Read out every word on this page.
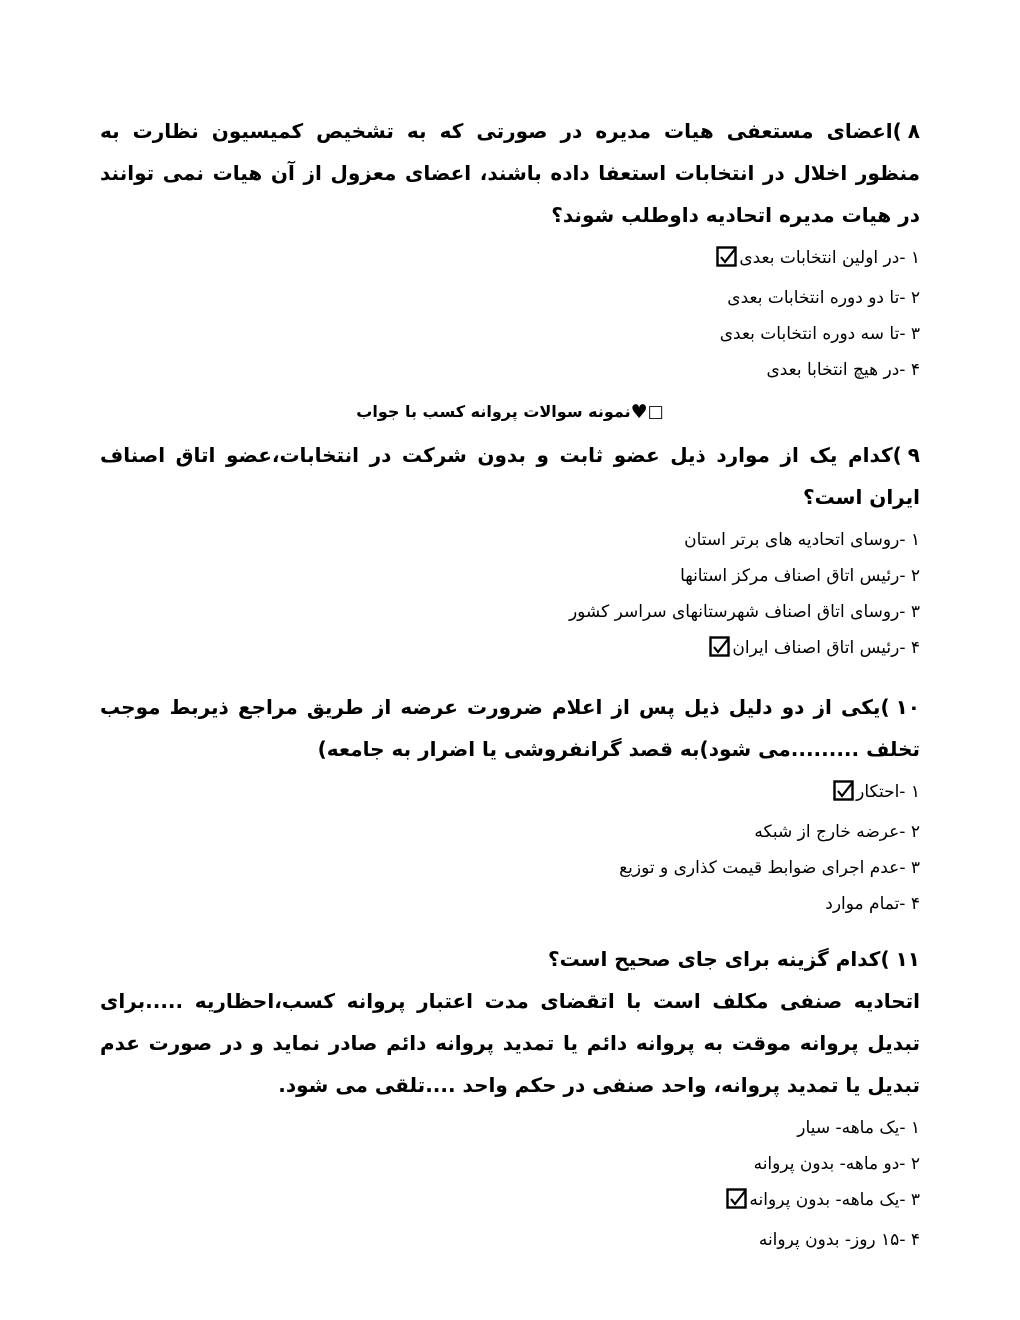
۸(اعضای مستعفی هیات مدیره در صورتی که به تشخیص کمیسیون نظارت به منظور اخلال در انتخابات استعفا داده باشند، اعضای معزول از آن هیات نمی توانند در هیات مدیره اتحادیه داوطلب شوند؟

۱ -در اولین انتخابات بعدی
۲ -تا دو دوره انتخابات بعدی
۳ -تا سه دوره انتخابات بعدی
۴ -در هیچ انتخابا بعدی
□♥نمونه سوالات پروانه کسب با جواب

۹(کدام یک از موارد ذیل عضو ثابت و بدون شرکت در انتخابات،عضو اتاق اصناف ایران است؟

۱ -روسای اتحادیه های برتر استان
۲ -رئیس اتاق اصناف مرکز استانها
۳ -روسای اتاق اصناف شهرستانهای سراسر کشور
۴ -رئیس اتاق اصناف ایران

۱۰(یکی از دو دلیل ذیل پس از اعلام ضرورت عرضه از طریق مراجع ذیربط موجب تخلف .........می شود)به قصد گرانفروشی یا اضرار به جامعه)

۱ -احتکار
۲ -عرضه خارج از شبکه
۳ -عدم اجرای ضوابط قیمت کذاری و توزیع
۴ -تمام موارد

۱۱(کدام گزینه برای جای صحیح است؟

اتحادیه صنفی مکلف است با اتقضای مدت اعتبار پروانه کسب،احظاریه .....برای تبدیل پروانه موقت به پروانه دائم یا تمدید پروانه دائم صادر نماید و در صورت عدم تبدیل یا تمدید پروانه، واحد صنفی در حکم واحد ....تلقی می شود.

۱ -یک ماهه- سیار
۲ -دو ماهه- بدون پروانه
۳ -یک ماهه- بدون پروانه
۴ -۱۵ روز- بدون پروانه
